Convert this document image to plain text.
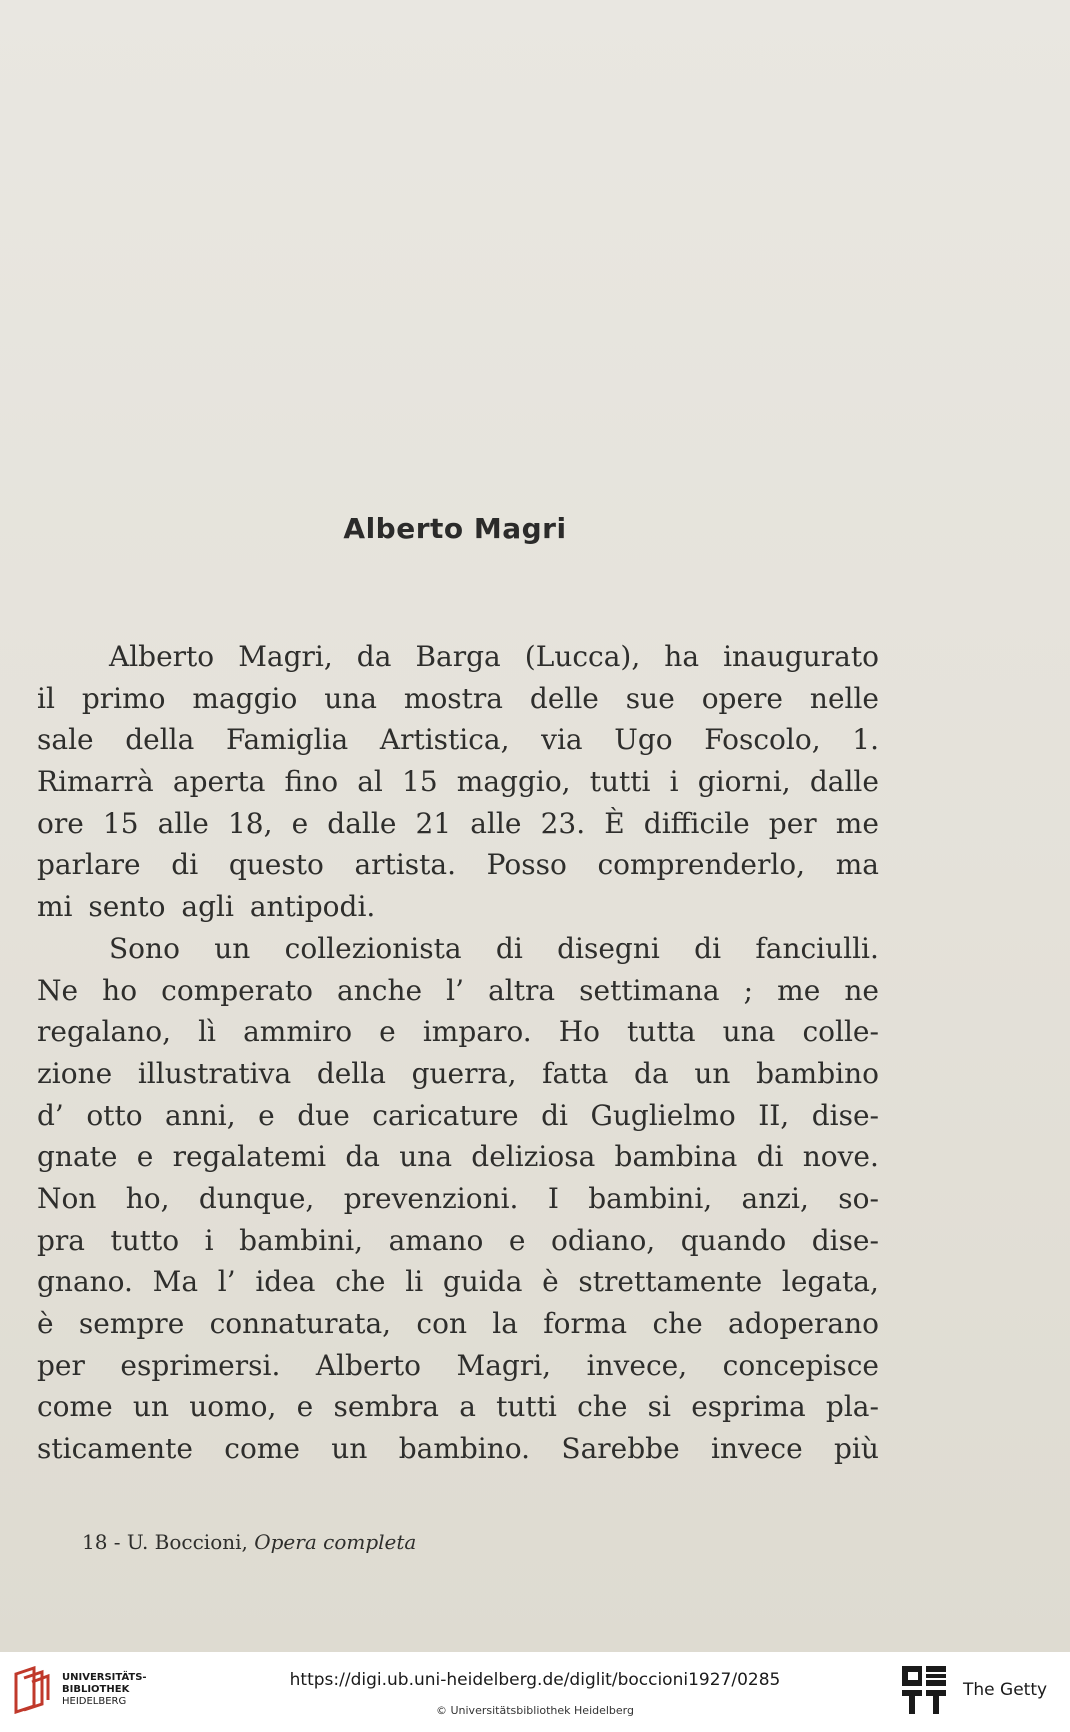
Alberto Magri
Alberto Magri, da Barga (Lucca), ha inaugurato
il primo maggio una mostra delle sue opere nelle
sale della Famiglia Artistica, via Ugo Foscolo, 1.
Rimarrà aperta fino al 15 maggio, tutti i giorni, dalle
ore 15 alle 18, e dalle 21 alle 23. È difficile per me
parlare di questo artista. Posso comprenderlo, ma
mi sento agli antipodi.
Sono un collezionista di disegni di fanciulli.
Ne ho comperato anche l’ altra settimana ; me ne
regalano, lì ammiro e imparo. Ho tutta una colle-
zione illustrativa della guerra, fatta da un bambino
d’ otto anni, e due caricature di Guglielmo II, dise-
gnate e regalatemi da una deliziosa bambina di nove.
Non ho, dunque, prevenzioni. I bambini, anzi, so-
pra tutto i bambini, amano e odiano, quando dise-
gnano. Ma l’ idea che li guida è strettamente legata,
è sempre connaturata, con la forma che adoperano
per esprimersi. Alberto Magri, invece, concepisce
come un uomo, e sembra a tutti che si esprima pla-
sticamente come un bambino. Sarebbe invece più
18 - U. Boccioni, Opera completa
UNIVERSITÄTS-
BIBLIOTHEK
HEIDELBERG
https://digi.ub.uni-heidelberg.de/diglit/boccioni1927/0285
© Universitätsbibliothek Heidelberg
The Getty
